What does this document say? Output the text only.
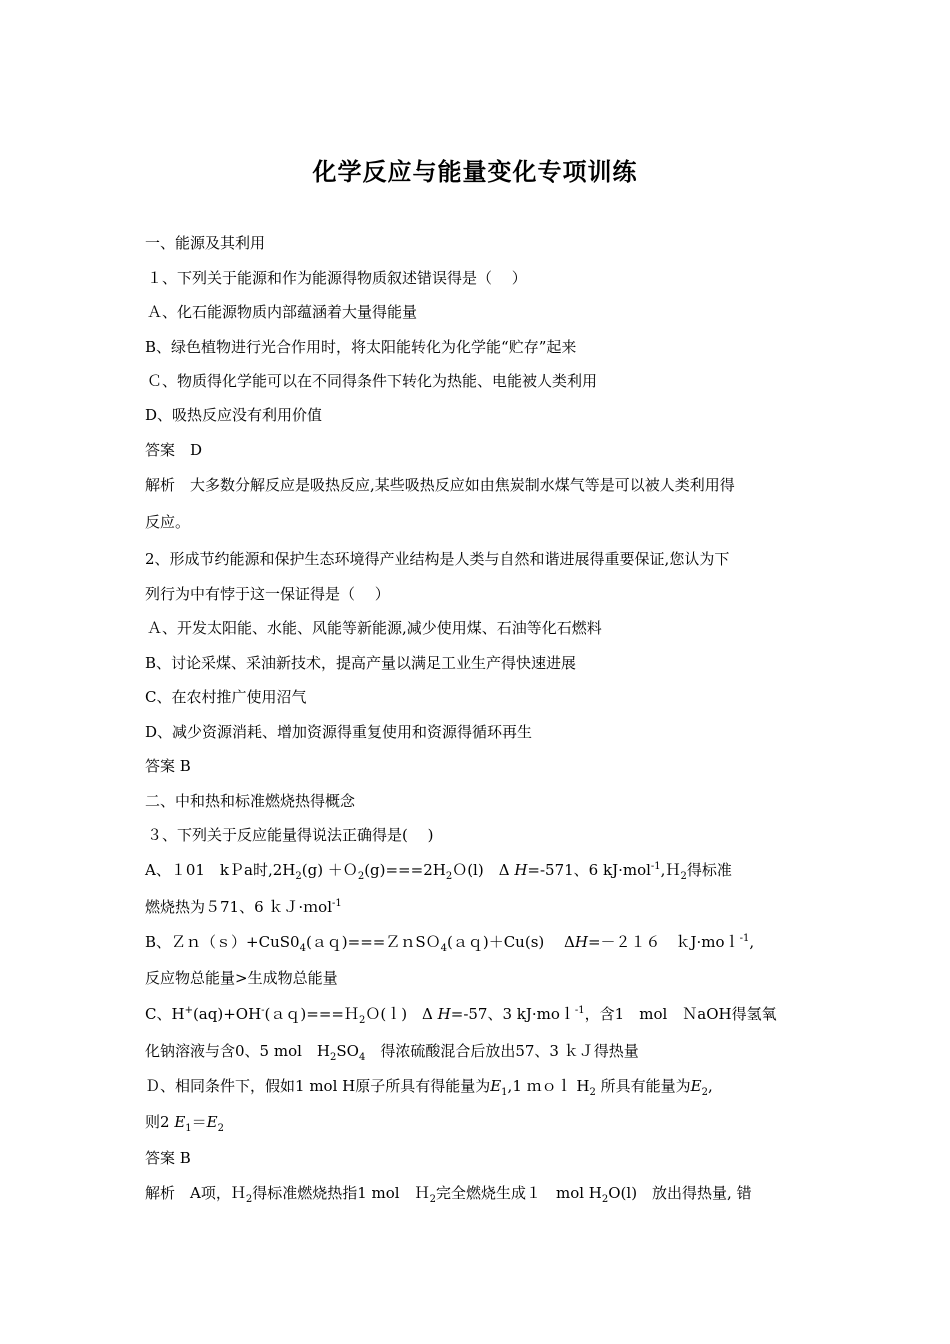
化学反应与能量变化专项训练
一、能源及其利用
１、下列关于能源和作为能源得物质叙述错误得是（　 ）
Ａ、化石能源物质内部蕴涵着大量得能量
B、绿色植物进行光合作用时，将太阳能转化为化学能“贮存”起来
Ｃ、物质得化学能可以在不同得条件下转化为热能、电能被人类利用
D、吸热反应没有利用价值
答案　D
解析　大多数分解反应是吸热反应,某些吸热反应如由焦炭制水煤气等是可以被人类利用得
反应。
2、形成节约能源和保护生态环境得产业结构是人类与自然和谐进展得重要保证,您认为下
列行为中有悖于这一保证得是（　 ）
Ａ、开发太阳能、水能、风能等新能源,减少使用煤、石油等化石燃料
B、讨论采煤、采油新技术，提高产量以满足工业生产得快速进展
C、在农村推广使用沼气
D、减少资源消耗、增加资源得重复使用和资源得循环再生
答案 B
二、中和热和标准燃烧热得概念
３、下列关于反应能量得说法正确得是(　 )
A、１01　kＰa时$,2H_2(g)$ $+O_2(g)===2H_2O(l)$　Δ H=-571、6 kJ·mol$^{-1}$,Ｈ$_2$得标准
燃烧热为５71、6 ｋＪ·ｍol$^{-1}$
B、$Zn(s)+CuS0_4(aq)===ZnSO_4(aq)+Cu(s)$　 ΔH=－２１６　ｋJ·moｌ$^{-1}$,
反应物总能量>生成物总能量
C、H+(aq)+OH-(ａｑ)===Ｈ$_2$Ｏ(ｌ)　Δ H=-57、3 kJ·moｌ$^{-1}$，含1　mol　ＮaOH得氢氧
化钠溶液与含0、5 mol　$H_2SO_4$　得浓硫酸混合后放出57、3 ｋＪ得热量
Ｄ、相同条件下，假如1 mol H原子所具有得能量为$E_1,1$ ｍｏｌ $H_2$ 所具有能量为$E_2$,
则2 $E_1=E_2$
答案 B
解析　A项，Ｈ$_2$得标准燃烧热指1 mol　Ｈ$_2$完全燃烧生成１　mol $H_2O(l)$　放出得热量, 错
